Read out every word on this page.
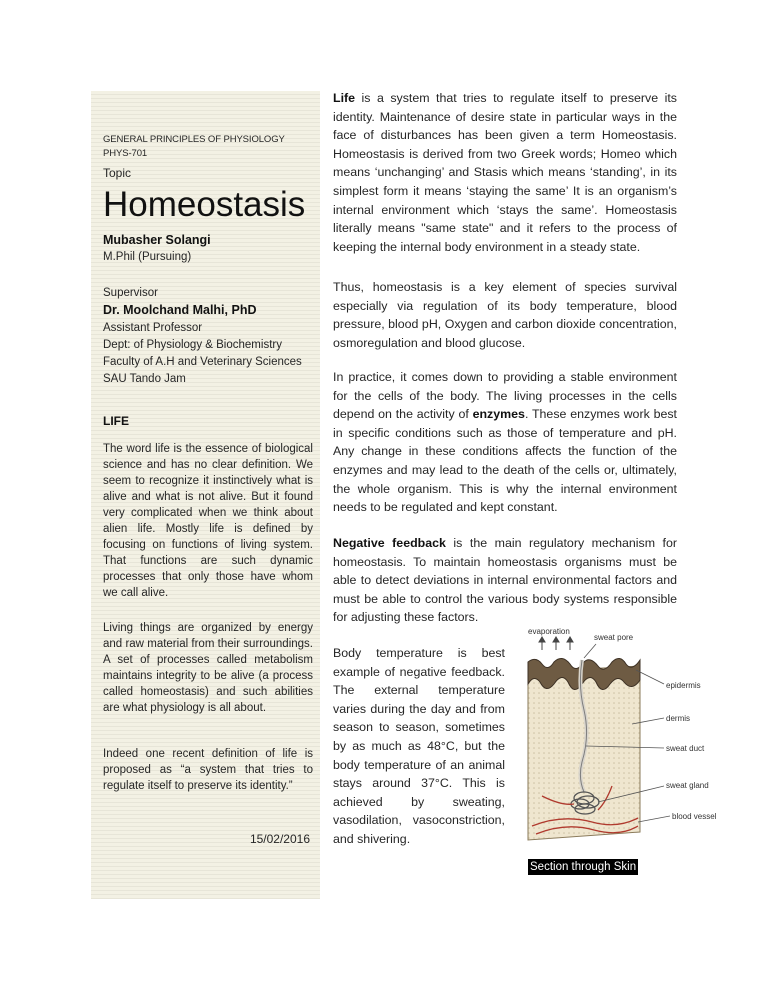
GENERAL PRINCIPLES OF PHYSIOLOGY
PHYS-701
Topic
Homeostasis
Mubasher Solangi
M.Phil (Pursuing)
Supervisor
Dr. Moolchand Malhi, PhD
Assistant Professor
Dept: of Physiology & Biochemistry
Faculty of A.H and Veterinary Sciences
SAU Tando Jam
LIFE
The word life is the essence of biological science and has no clear definition. We seem to recognize it instinctively what is alive and what is not alive. But it found very complicated when we think about alien life. Mostly life is defined by focusing on functions of living system. That functions are such dynamic processes that only those have whom we call alive.
Living things are organized by energy and raw material from their surroundings. A set of processes called metabolism maintains integrity to be alive (a process called homeostasis) and such abilities are what physiology is all about.
Indeed one recent definition of life is proposed as “a system that tries to regulate itself to preserve its identity.”
15/02/2016
Life is a system that tries to regulate itself to preserve its identity. Maintenance of desire state in particular ways in the face of disturbances has been given a term Homeostasis. Homeostasis is derived from two Greek words; Homeo which means ‘unchanging’ and Stasis which means ‘standing’, in its simplest form it means ‘staying the same’ It is an organism’s internal environment which ‘stays the same’. Homeostasis literally means "same state" and it refers to the process of keeping the internal body environment in a steady state.
Thus, homeostasis is a key element of species survival especially via regulation of its body temperature, blood pressure, blood pH, Oxygen and carbon dioxide concentration, osmoregulation and blood glucose.
In practice, it comes down to providing a stable environment for the cells of the body. The living processes in the cells depend on the activity of enzymes. These enzymes work best in specific conditions such as those of temperature and pH. Any change in these conditions affects the function of the enzymes and may lead to the death of the cells or, ultimately, the whole organism. This is why the internal environment needs to be regulated and kept constant.
Negative feedback is the main regulatory mechanism for homeostasis. To maintain homeostasis organisms must be able to detect deviations in internal environmental factors and must be able to control the various body systems responsible for adjusting these factors.
Body temperature is best example of negative feedback. The external temperature varies during the day and from season to season, sometimes by as much as 48°C, but the body temperature of an animal stays around 37°C. This is achieved by sweating, vasodilation, vasoconstriction, and shivering.
evaporation
sweat pore
epidermis
dermis
sweat duct
sweat gland
blood vessel
Section through Skin
